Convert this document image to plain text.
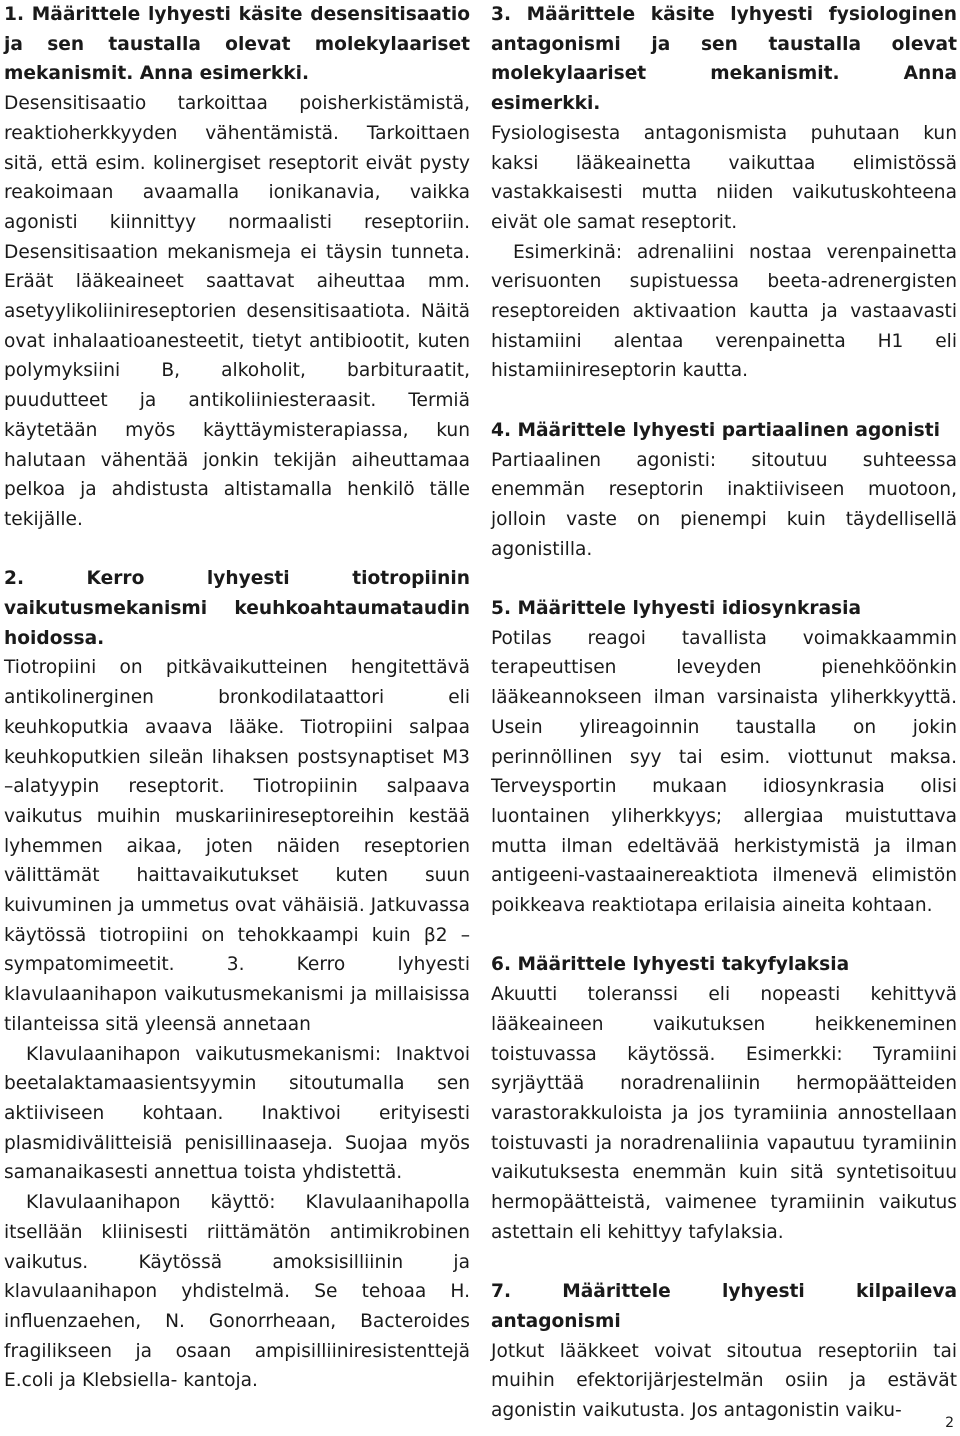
1. Määrittele lyhyesti käsite desensitisaatio ja sen taustalla olevat molekylaariset mekanismit. Anna esimerkki.

Desensitisaatio tarkoittaa poisherkistämistä, reaktioherkkyyden vähentämistä. Tarkoittaen sitä, että esim. kolinergiset reseptorit eivät pysty reakoimaan avaamalla ionikanavia, vaikka agonisti kiinnittyy normaalisti reseptoriin. Desensitisaation mekanismeja ei täysin tunneta. Eräät lääkeaineet saattavat aiheuttaa mm. asetyylikoliinireseptorien desensitisaatiota. Näitä ovat inhalaatioanesteetit, tietyt antibiootit, kuten polymyksiini B, alkoholit, barbituraatit, puudutteet ja antikoliiniesteraasit. Termiä käytetään myös käyttäymisterapiassa, kun halutaan vähentää jonkin tekijän aiheuttamaa pelkoa ja ahdistusta altistamalla henkilö tälle tekijälle.

2. Kerro lyhyesti tiotropiinin vaikutusmekanismi keuhkoahtaumataudin hoidossa.

Tiotropiini on pitkävaikutteinen hengitettävä antikolinerginen bronkodilataattori eli keuhkoputkia avaava lääke. Tiotropiini salpaa keuhkoputkien sileän lihaksen postsynaptiset M3 –alatyypin reseptorit. Tiotropiinin salpaava vaikutus muihin muskariinireseptoreihin kestää lyhemmen aikaa, joten näiden reseptorien välittämät haittavaikutukset kuten suun kuivuminen ja ummetus ovat vähäisiä. Jatkuvassa käytössä tiotropiini on tehokkaampi kuin β2 –sympatomimeetit. 3. Kerro lyhyesti klavulaanihapon vaikutusmekanismi ja millaisissa tilanteissa sitä yleensä annetaan

Klavulaanihapon vaikutusmekanismi: Inaktvoi beetalaktamaasientsyymin sitoutumalla sen aktiiviseen kohtaan. Inaktivoi erityisesti plasmidivälitteisiä penisillinaaseja. Suojaa myös samanaikasesti annettua toista yhdistettä.

Klavulaanihapon käyttö: Klavulaanihapolla itsellään kliinisesti riittämätön antimikrobinen vaikutus. Käytössä amoksisilliinin ja klavulaanihapon yhdistelmä. Se tehoaa H. influenzaehen, N. Gonorrheaan, Bacteroides fragilikseen ja osaan ampisilliiniresistenttejä E.coli ja Klebsiella- kantoja.

3. Määrittele käsite lyhyesti fysiologinen antagonismi ja sen taustalla olevat molekylaariset mekanismit. Anna esimerkki.

Fysiologisesta antagonismista puhutaan kun kaksi lääkeainetta vaikuttaa elimistössä vastakkaisesti mutta niiden vaikutuskohteena eivät ole samat reseptorit.

Esimerkinä: adrenaliini nostaa verenpainetta verisuonten supistuessa beeta-adrenergisten reseptoreiden aktivaation kautta ja vastaavasti histamiini alentaa verenpainetta H1 eli histamiinireseptorin kautta.

4. Määrittele lyhyesti partiaalinen agonisti

Partiaalinen agonisti: sitoutuu suhteessa enemmän reseptorin inaktiiviseen muotoon, jolloin vaste on pienempi kuin täydellisellä agonistilla.

5. Määrittele lyhyesti idiosynkrasia

Potilas reagoi tavallista voimakkaammin terapeuttisen leveyden pienehköönkin lääkeannokseen ilman varsinaista yliherkkyyttä. Usein ylireagoinnin taustalla on jokin perinnöllinen syy tai esim. viottunut maksa. Terveysportin mukaan idiosynkrasia olisi luontainen yliherkkyys; allergiaa muistuttava mutta ilman edeltävää herkistymistä ja ilman antigeeni-vastaainereaktiota ilmenevä elimistön poikkeava reaktiotapa erilaisia aineita kohtaan.

6. Määrittele lyhyesti takyfylaksia

Akuutti toleranssi eli nopeasti kehittyvä lääkeaineen vaikutuksen heikkeneminen toistuvassa käytössä. Esimerkki: Tyramiini syrjäyttää noradrenaliinin hermopäätteiden varastorakkuloista ja jos tyramiinia annostellaan toistuvasti ja noradrenaliinia vapautuu tyramiinin vaikutuksesta enemmän kuin sitä syntetisoituu hermopäätteistä, vaimenee tyramiinin vaikutus astettain eli kehittyy tafylaksia.

7. Määrittele lyhyesti kilpaileva antagonismi

Jotkut lääkkeet voivat sitoutua reseptoriin tai muihin efektorijärjestelmän osiin ja estävät agonistin vaikutusta. Jos antagonistin vaiku-

2
